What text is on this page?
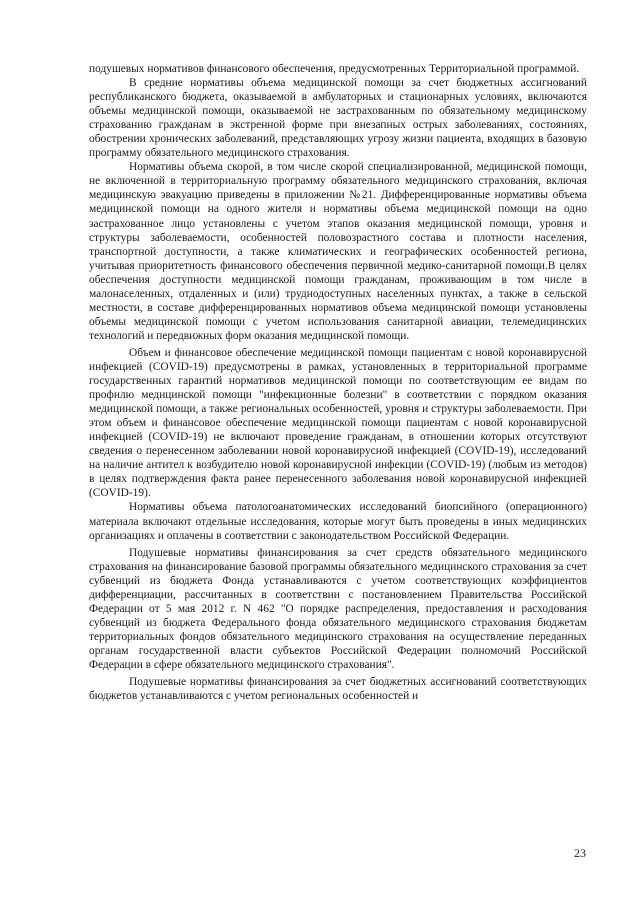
подушевых нормативов финансового обеспечения, предусмотренных Территориальной программой.

В средние нормативы объема медицинской помощи за счет бюджетных ассигнований республиканского бюджета, оказываемой в амбулаторных и стационарных условиях, включаются объемы медицинской помощи, оказываемой не застрахованным по обязательному медицинскому страхованию гражданам в экстренной форме при внезапных острых заболеваниях, состояниях, обострении хронических заболеваний, представляющих угрозу жизни пациента, входящих в базовую программу обязательного медицинского страхования.

Нормативы объема скорой, в том числе скорой специализированной, медицинской помощи, не включенной в территориальную программу обязательного медицинского страхования, включая медицинскую эвакуацию приведены в приложении №21. Дифференцированные нормативы объема медицинской помощи на одного жителя и нормативы объема медицинской помощи на одно застрахованное лицо установлены с учетом этапов оказания медицинской помощи, уровня и структуры заболеваемости, особенностей половозрастного состава и плотности населения, транспортной доступности, а также климатических и географических особенностей региона, учитывая приоритетность финансового обеспечения первичной медико-санитарной помощи.В целях обеспечения доступности медицинской помощи гражданам, проживающим в том числе в малонаселенных, отдаленных и (или) труднодоступных населенных пунктах, а также в сельской местности, в составе дифференцированных нормативов объема медицинской помощи установлены объемы медицинской помощи с учетом использования санитарной авиации, телемедицинских технологий и передвижных форм оказания медицинской помощи.

Объем и финансовое обеспечение медицинской помощи пациентам с новой коронавирусной инфекцией (COVID-19) предусмотрены в рамках, установленных в территориальной программе государственных гарантий нормативов медицинской помощи по соответствующим ее видам по профилю медицинской помощи "инфекционные болезни" в соответствии с порядком оказания медицинской помощи, а также региональных особенностей, уровня и структуры заболеваемости. При этом объем и финансовое обеспечение медицинской помощи пациентам с новой коронавирусной инфекцией (COVID-19) не включают проведение гражданам, в отношении которых отсутствуют сведения о перенесенном заболевании новой коронавирусной инфекцией (COVID-19), исследований на наличие антител к возбудителю новой коронавирусной инфекции (COVID-19) (любым из методов) в целях подтверждения факта ранее перенесенного заболевания новой коронавирусной инфекцией (COVID-19).

Нормативы объема патологоанатомических исследований биопсийного (операционного) материала включают отдельные исследования, которые могут быть проведены в иных медицинских организациях и оплачены в соответствии с законодательством Российской Федерации.

Подушевые нормативы финансирования за счет средств обязательного медицинского страхования на финансирование базовой программы обязательного медицинского страхования за счет субвенций из бюджета Фонда устанавливаются с учетом соответствующих коэффициентов дифференциации, рассчитанных в соответствии с постановлением Правительства Российской Федерации от 5 мая 2012 г. N 462 "О порядке распределения, предоставления и расходования субвенций из бюджета Федерального фонда обязательного медицинского страхования бюджетам территориальных фондов обязательного медицинского страхования на осуществление переданных органам государственной власти субъектов Российской Федерации полномочий Российской Федерации в сфере обязательного медицинского страхования".

Подушевые нормативы финансирования за счет бюджетных ассигнований соответствующих бюджетов устанавливаются с учетом региональных особенностей и

23
